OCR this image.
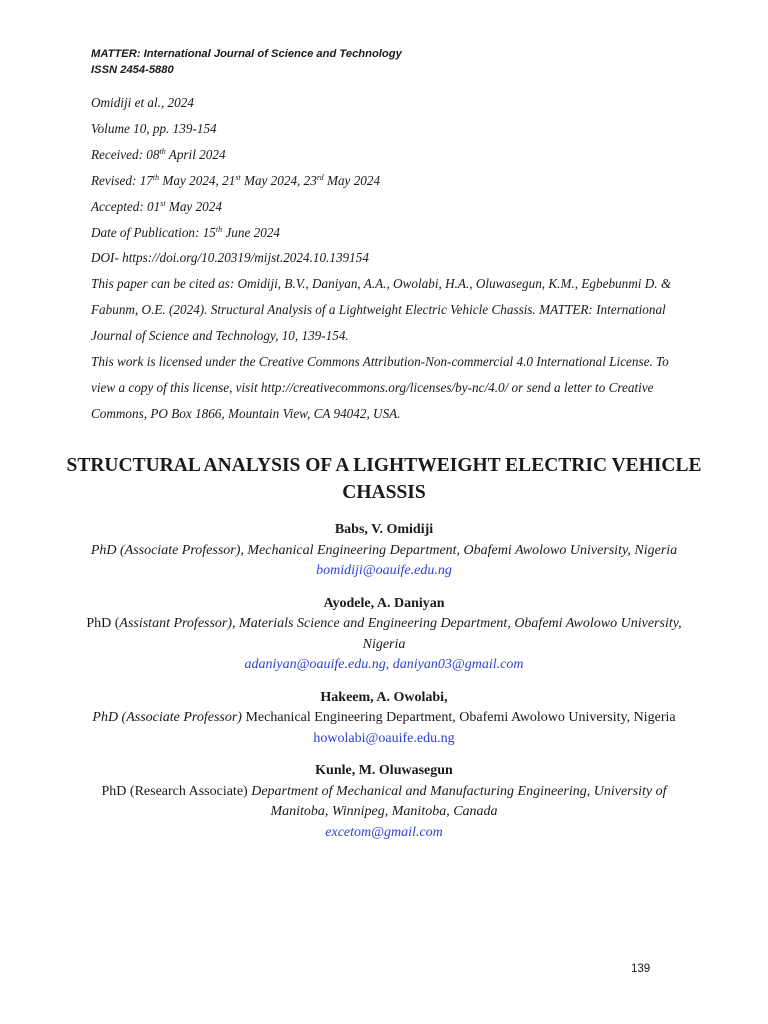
MATTER: International Journal of Science and Technology
ISSN 2454-5880

Omidiji et al., 2024

Volume 10, pp. 139-154

Received: 08th April 2024

Revised: 17th May 2024, 21st May 2024, 23rd May 2024

Accepted: 01st May 2024

Date of Publication: 15th June 2024

DOI- https://doi.org/10.20319/mijst.2024.10.139154

This paper can be cited as: Omidiji, B.V., Daniyan, A.A., Owolabi, H.A., Oluwasegun, K.M., Egbebunmi D. & Fabunm, O.E. (2024). Structural Analysis of a Lightweight Electric Vehicle Chassis. MATTER: International Journal of Science and Technology, 10, 139-154.

This work is licensed under the Creative Commons Attribution-Non-commercial 4.0 International License. To view a copy of this license, visit http://creativecommons.org/licenses/by-nc/4.0/ or send a letter to Creative Commons, PO Box 1866, Mountain View, CA 94042, USA.

STRUCTURAL ANALYSIS OF A LIGHTWEIGHT ELECTRIC VEHICLE CHASSIS
Babs, V. Omidiji
PhD (Associate Professor), Mechanical Engineering Department, Obafemi Awolowo University, Nigeria
bomidiji@oauife.edu.ng
Ayodele, A. Daniyan
PhD (Assistant Professor), Materials Science and Engineering Department, Obafemi Awolowo University, Nigeria
adaniyan@oauife.edu.ng, daniyan03@gmail.com
Hakeem, A. Owolabi,
PhD (Associate Professor) Mechanical Engineering Department, Obafemi Awolowo University, Nigeria
howolabi@oauife.edu.ng
Kunle, M. Oluwasegun
PhD (Research Associate) Department of Mechanical and Manufacturing Engineering, University of Manitoba, Winnipeg, Manitoba, Canada
excetom@gmail.com
139
